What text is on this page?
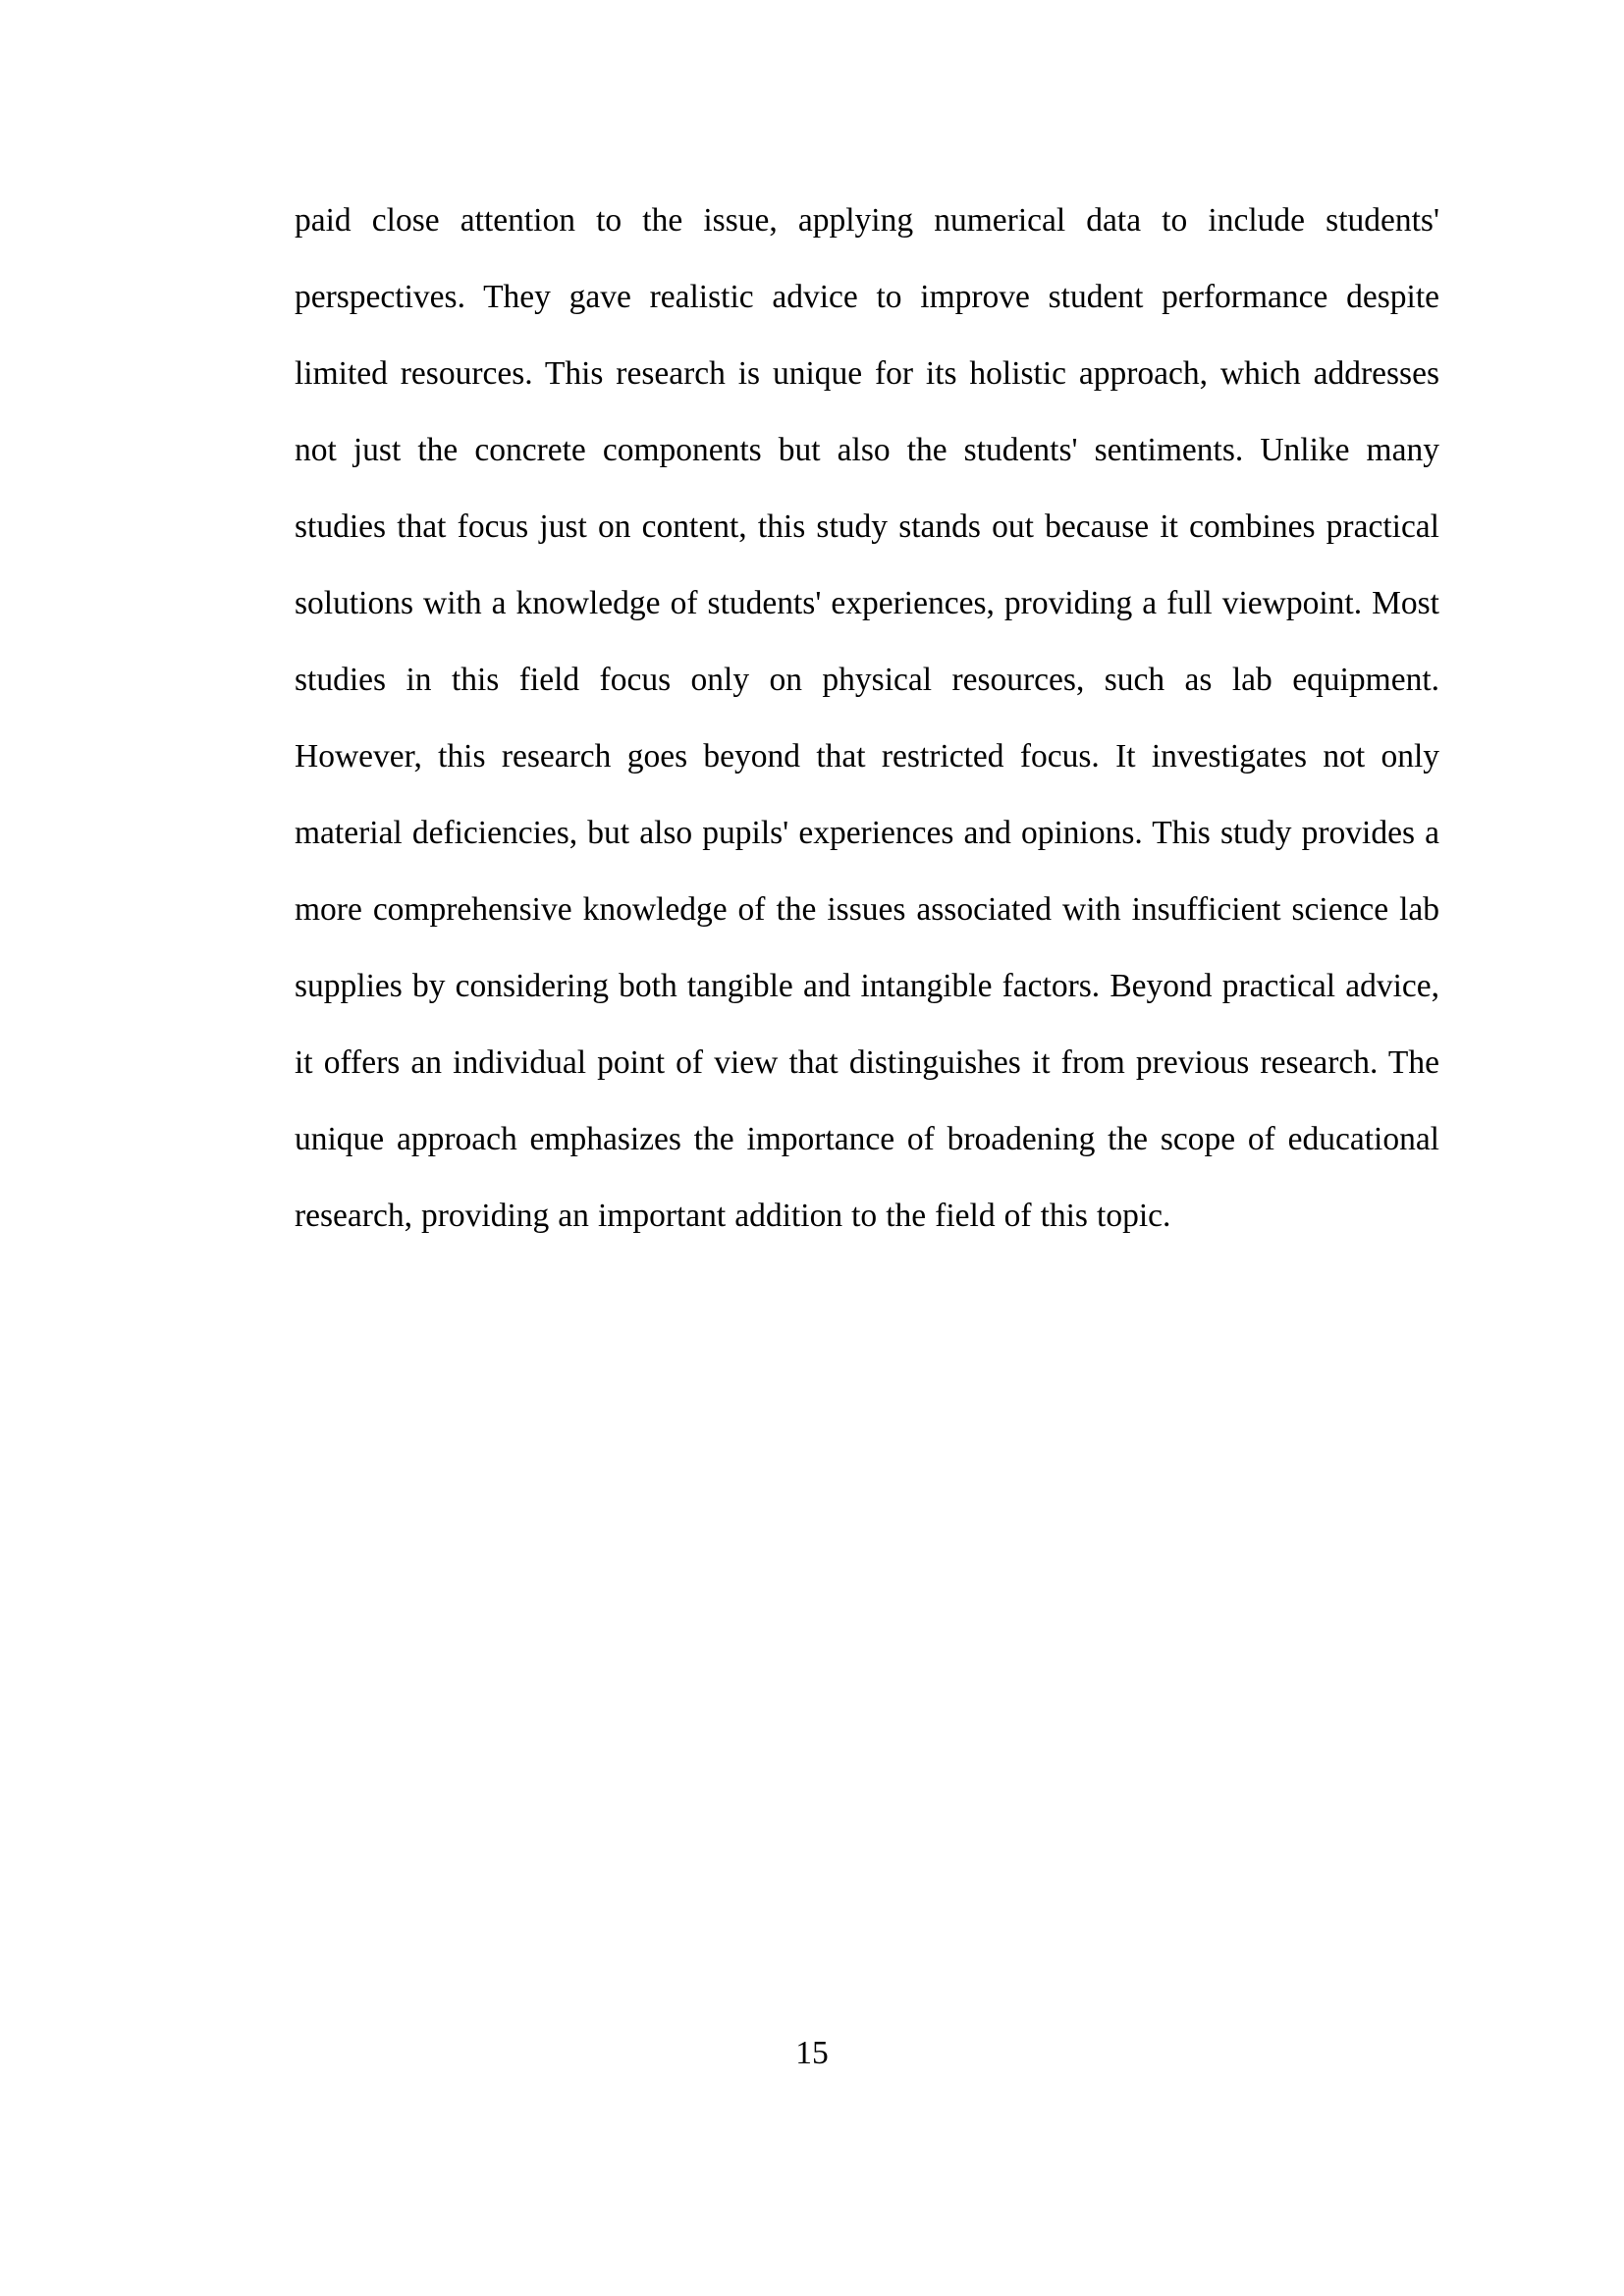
paid close attention to the issue, applying numerical data to include students' perspectives. They gave realistic advice to improve student performance despite limited resources. This research is unique for its holistic approach, which addresses not just the concrete components but also the students' sentiments. Unlike many studies that focus just on content, this study stands out because it combines practical solutions with a knowledge of students' experiences, providing a full viewpoint. Most studies in this field focus only on physical resources, such as lab equipment. However, this research goes beyond that restricted focus. It investigates not only material deficiencies, but also pupils' experiences and opinions. This study provides a more comprehensive knowledge of the issues associated with insufficient science lab supplies by considering both tangible and intangible factors. Beyond practical advice, it offers an individual point of view that distinguishes it from previous research. The unique approach emphasizes the importance of broadening the scope of educational research, providing an important addition to the field of this topic.

15
